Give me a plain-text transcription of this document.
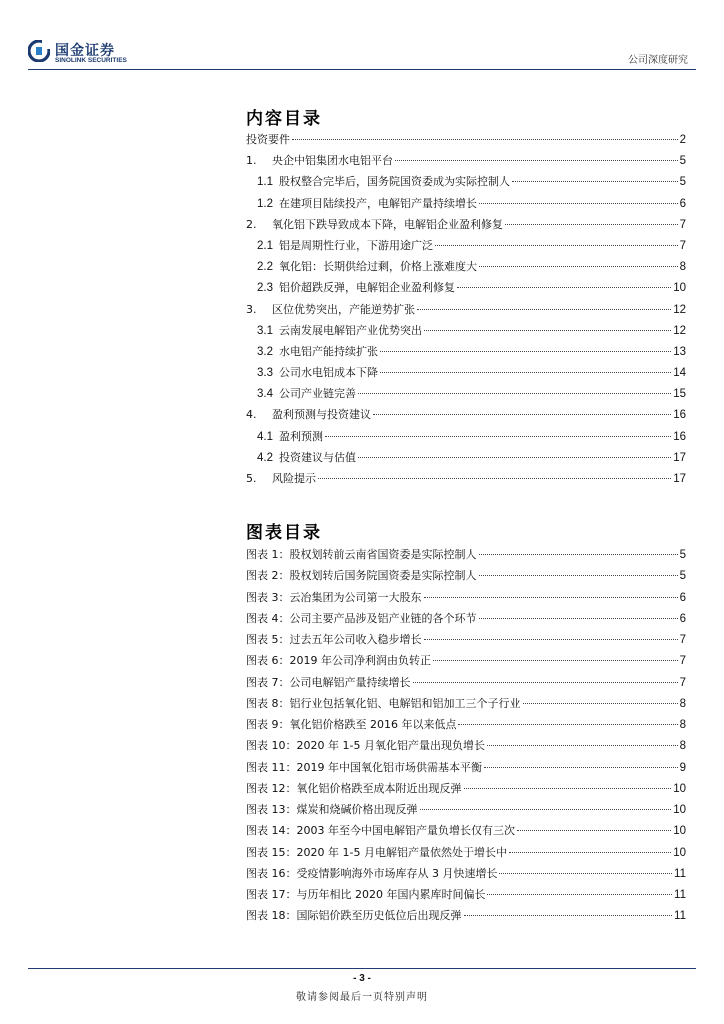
国金证券
SINOLINK SECURITIES	公司深度研究
内容目录
投资要件	2
1.	央企中铝集团水电铝平台	5
1.1 股权整合完毕后，国务院国资委成为实际控制人	5
1.2 在建项目陆续投产，电解铝产量持续增长	6
2.	氧化铝下跌导致成本下降，电解铝企业盈利修复	7
2.1 铝是周期性行业，下游用途广泛	7
2.2 氧化铝：长期供给过剩，价格上涨难度大	8
2.3 铝价超跌反弹，电解铝企业盈利修复	10
3.	区位优势突出，产能逆势扩张	12
3.1 云南发展电解铝产业优势突出	12
3.2 水电铝产能持续扩张	13
3.3 公司水电铝成本下降	14
3.4 公司产业链完善	15
4.	盈利预测与投资建议	16
4.1 盈利预测	16
4.2 投资建议与估值	17
5.	风险提示	17
图表目录
图表 1：股权划转前云南省国资委是实际控制人	5
图表 2：股权划转后国务院国资委是实际控制人	5
图表 3：云冶集团为公司第一大股东	6
图表 4：公司主要产品涉及铝产业链的各个环节	6
图表 5：过去五年公司收入稳步增长	7
图表 6：2019 年公司净利润由负转正	7
图表 7：公司电解铝产量持续增长	7
图表 8：铝行业包括氧化铝、电解铝和铝加工三个子行业	8
图表 9：氧化铝价格跌至 2016 年以来低点	8
图表 10：2020 年 1-5 月氧化铝产量出现负增长	8
图表 11：2019 年中国氧化铝市场供需基本平衡	9
图表 12：氧化铝价格跌至成本附近出现反弹	10
图表 13：煤炭和烧碱价格出现反弹	10
图表 14：2003 年至今中国电解铝产量负增长仅有三次	10
图表 15：2020 年 1-5 月电解铝产量依然处于增长中	10
图表 16：受疫情影响海外市场库存从 3 月快速增长	11
图表 17：与历年相比 2020 年国内累库时间偏长	11
图表 18：国际铝价跌至历史低位后出现反弹	11
- 3 -
敬请参阅最后一页特别声明
